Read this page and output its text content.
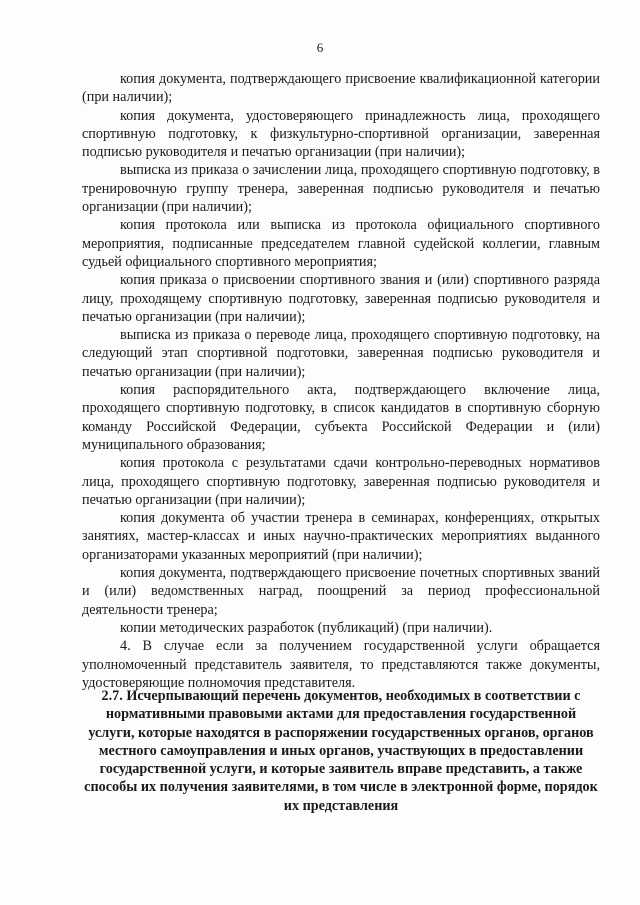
6

копия документа, подтверждающего присвоение квалификационной категории (при наличии);

копия документа, удостоверяющего принадлежность лица, проходящего спортивную подготовку, к физкультурно-спортивной организации, заверенная подписью руководителя и печатью организации (при наличии);

выписка из приказа о зачислении лица, проходящего спортивную подготовку, в тренировочную группу тренера, заверенная подписью руководителя и печатью организации (при наличии);

копия протокола или выписка из протокола официального спортивного мероприятия, подписанные председателем главной судейской коллегии, главным судьей официального спортивного мероприятия;

копия приказа о присвоении спортивного звания и (или) спортивного разряда лицу, проходящему спортивную подготовку, заверенная подписью руководителя и печатью организации (при наличии);

выписка из приказа о переводе лица, проходящего спортивную подготовку, на следующий этап спортивной подготовки, заверенная подписью руководителя и печатью организации (при наличии);

копия распорядительного акта, подтверждающего включение лица, проходящего спортивную подготовку, в список кандидатов в спортивную сборную команду Российской Федерации, субъекта Российской Федерации и (или) муниципального образования;

копия протокола с результатами сдачи контрольно-переводных нормативов лица, проходящего спортивную подготовку, заверенная подписью руководителя и печатью организации (при наличии);

копия документа об участии тренера в семинарах, конференциях, открытых занятиях, мастер-классах и иных научно-практических мероприятиях выданного организаторами указанных мероприятий (при наличии);

копия документа, подтверждающего присвоение почетных спортивных званий и (или) ведомственных наград, поощрений за период профессиональной деятельности тренера;

копии методических разработок (публикаций) (при наличии).

4. В случае если за получением государственной услуги обращается уполномоченный представитель заявителя, то представляются также документы, удостоверяющие полномочия представителя.

2.7. Исчерпывающий перечень документов, необходимых в соответствии с нормативными правовыми актами для предоставления государственной услуги, которые находятся в распоряжении государственных органов, органов местного самоуправления и иных органов, участвующих в предоставлении государственной услуги, и которые заявитель вправе представить, а также способы их получения заявителями, в том числе в электронной форме, порядок их представления
